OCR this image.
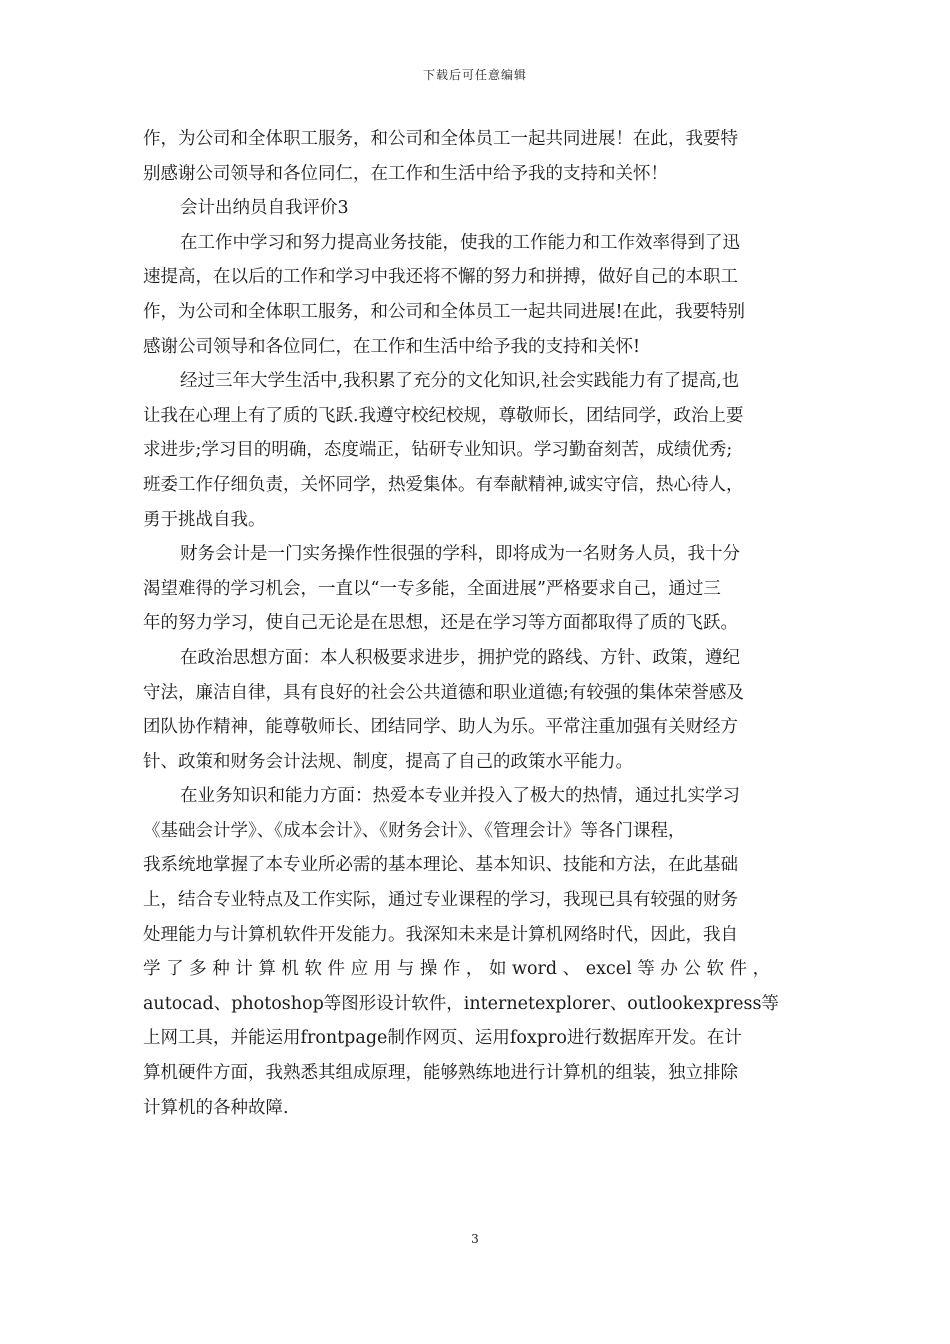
下载后可任意编辑
作，为公司和全体职工服务，和公司和全体员工一起共同进展！在此，我要特
别感谢公司领导和各位同仁，在工作和生活中给予我的支持和关怀！
会计出纳员自我评价3
在工作中学习和努力提高业务技能，使我的工作能力和工作效率得到了迅
速提高，在以后的工作和学习中我还将不懈的努力和拼搏，做好自己的本职工
作，为公司和全体职工服务，和公司和全体员工一起共同进展!在此，我要特别
感谢公司领导和各位同仁，在工作和生活中给予我的支持和关怀!
经过三年大学生活中,我积累了充分的文化知识,社会实践能力有了提高,也
让我在心理上有了质的飞跃.我遵守校纪校规，尊敬师长，团结同学，政治上要
求进步;学习目的明确，态度端正，钻研专业知识。学习勤奋刻苦，成绩优秀;
班委工作仔细负责，关怀同学，热爱集体。有奉献精神,诚实守信，热心待人，
勇于挑战自我。
财务会计是一门实务操作性很强的学科，即将成为一名财务人员，我十分
渴望难得的学习机会，一直以“一专多能，全面进展”严格要求自己，通过三
年的努力学习，使自己无论是在思想，还是在学习等方面都取得了质的飞跃。
在政治思想方面：本人积极要求进步，拥护党的路线、方针、政策，遵纪
守法，廉洁自律，具有良好的社会公共道德和职业道德;有较强的集体荣誉感及
团队协作精神，能尊敬师长、团结同学、助人为乐。平常注重加强有关财经方
针、政策和财务会计法规、制度，提高了自己的政策水平能力。
在业务知识和能力方面：热爱本专业并投入了极大的热情，通过扎实学习
《基础会计学》、《成本会计》、《财务会计》、《管理会计》等各门课程，
我系统地掌握了本专业所必需的基本理论、基本知识、技能和方法，在此基础
上，结合专业特点及工作实际，通过专业课程的学习，我现已具有较强的财务
处理能力与计算机软件开发能力。我深知未来是计算机网络时代，因此，我自
学 了 多 种 计 算 机 软 件 应 用 与 操 作 ， 如 word 、 excel 等 办 公 软 件 ，
autocad、photoshop等图形设计软件，internetexplorer、outlookexpress等
上网工具，并能运用frontpage制作网页、运用foxpro进行数据库开发。在计
算机硬件方面，我熟悉其组成原理，能够熟练地进行计算机的组装，独立排除
计算机的各种故障.
3
